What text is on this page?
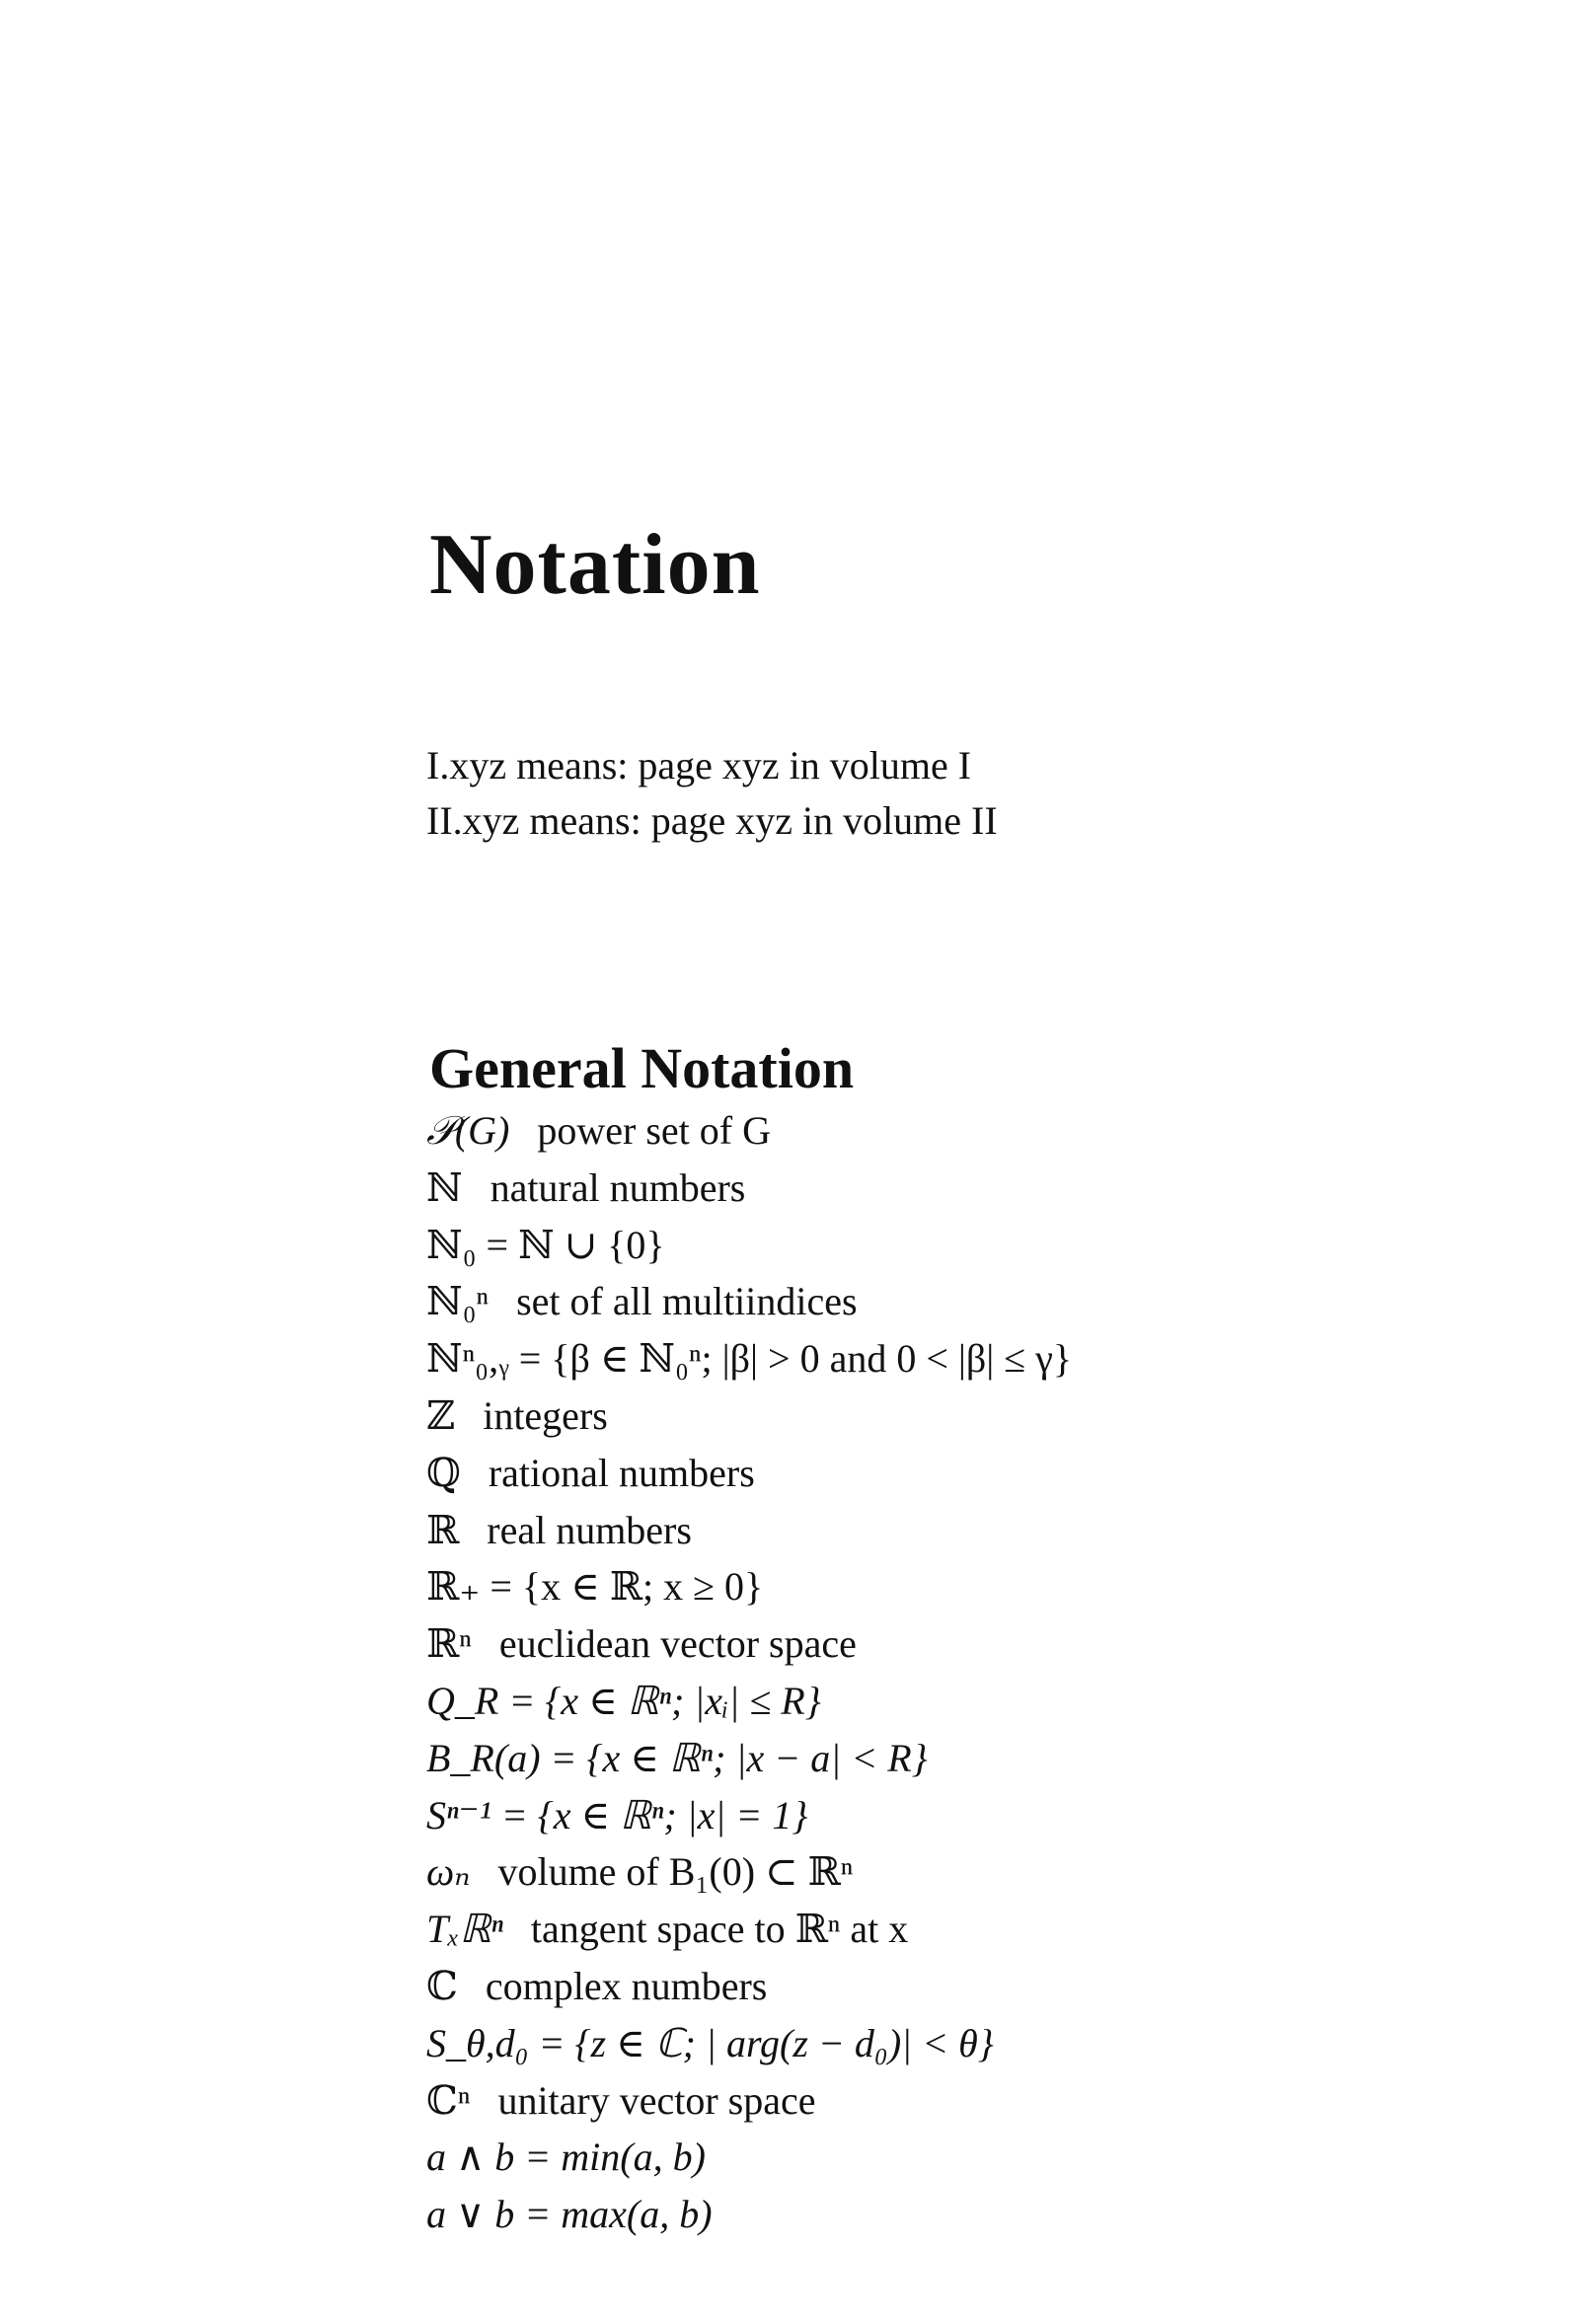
Notation
I.xyz means: page xyz in volume I
II.xyz means: page xyz in volume II
General Notation
𝒫(G) power set of G
ℕ natural numbers
ℕ₀ = ℕ ∪ {0}
ℕ₀ⁿ set of all multiindices
ℕⁿ₀,ᵧ = {β ∈ ℕ₀ⁿ; |β| > 0 and 0 < |β| ≤ γ}
ℤ integers
ℚ rational numbers
ℝ real numbers
ℝ₊ = {x ∈ ℝ; x ≥ 0}
ℝⁿ euclidean vector space
Q_R = {x ∈ ℝⁿ; |xᵢ| ≤ R}
B_R(a) = {x ∈ ℝⁿ; |x − a| < R}
Sⁿ⁻¹ = {x ∈ ℝⁿ; |x| = 1}
ωₙ volume of B₁(0) ⊂ ℝⁿ
Tₓℝⁿ tangent space to ℝⁿ at x
ℂ complex numbers
S_θ,d₀ = {z ∈ ℂ; | arg(z − d₀)| < θ}
ℂⁿ unitary vector space
a ∧ b = min(a, b)
a ∨ b = max(a, b)
